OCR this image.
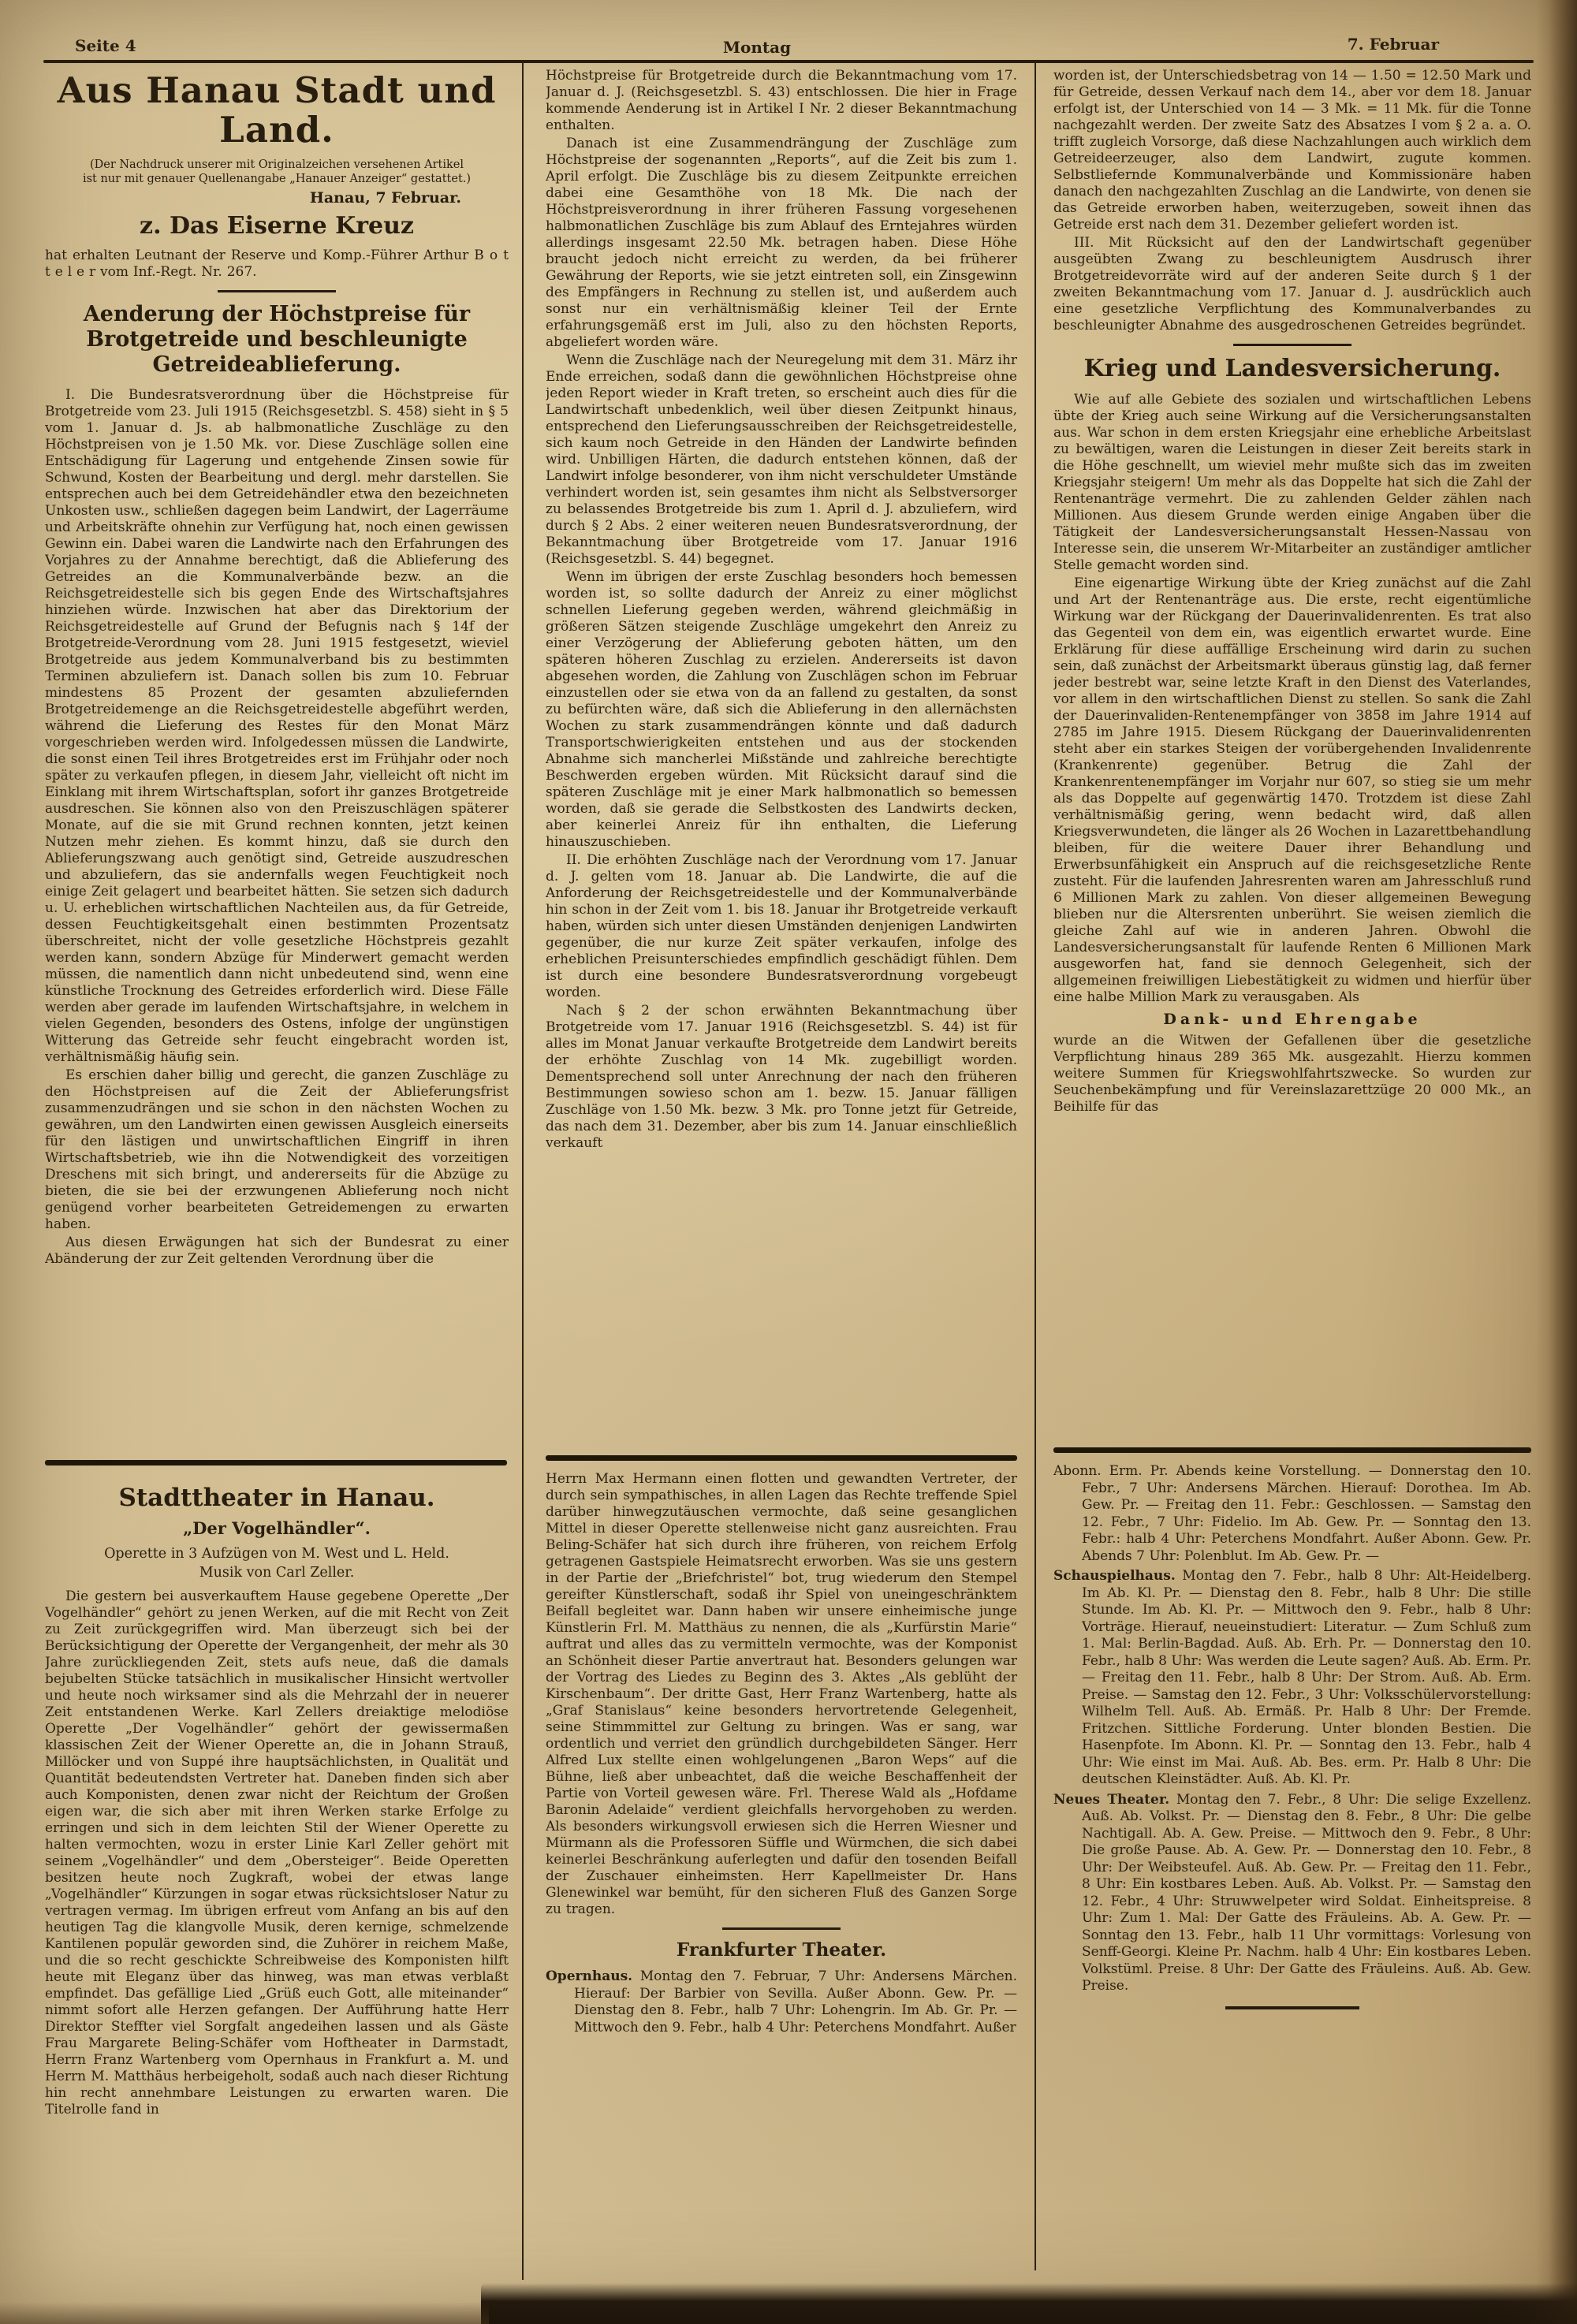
Seite 4	Montag	7. Februar
Aus Hanau Stadt und Land.

(Der Nachdruck unserer mit Originalzeichen versehenen Artikel
ist nur mit genauer Quellenangabe „Hanauer Anzeiger“ gestattet.)

Hanau, 7 Februar.

z. Das Eiserne Kreuz

hat erhalten Leutnant der Reserve und Komp.-Führer Arthur B o t t e l e r vom Inf.-Regt. Nr. 267.

Aenderung der Höchstpreise für Brotgetreide und beschleunigte Getreideablieferung.

I. Die Bundesratsverordnung über die Höchstpreise für Brotgetreide vom 23. Juli 1915 (Reichsgesetzbl. S. 458) sieht in § 5 vom 1. Januar d. Js. ab halbmonatliche Zuschläge zu den Höchstpreisen von je 1.50 Mk. vor. Diese Zuschläge sollen eine Entschädigung für Lagerung und entgehende Zinsen sowie für Schwund, Kosten der Bearbeitung und dergl. mehr darstellen. Sie entsprechen auch bei dem Getreidehändler etwa den bezeichneten Unkosten usw., schließen dagegen beim Landwirt, der Lagerräume und Arbeitskräfte ohnehin zur Verfügung hat, noch einen gewissen Gewinn ein. Dabei waren die Landwirte nach den Erfahrungen des Vorjahres zu der Annahme berechtigt, daß die Ablieferung des Getreides an die Kommunalverbände bezw. an die Reichsgetreidestelle sich bis gegen Ende des Wirtschaftsjahres hinziehen würde. Inzwischen hat aber das Direktorium der Reichsgetreidestelle auf Grund der Befugnis nach § 14f der Brotgetreide-Verordnung vom 28. Juni 1915 festgesetzt, wieviel Brotgetreide aus jedem Kommunalverband bis zu bestimmten Terminen abzuliefern ist. Danach sollen bis zum 10. Februar mindestens 85 Prozent der gesamten abzuliefernden Brotgetreidemenge an die Reichsgetreidestelle abgeführt werden, während die Lieferung des Restes für den Monat März vorgeschrieben werden wird. Infolgedessen müssen die Landwirte, die sonst einen Teil ihres Brotgetreides erst im Frühjahr oder noch später zu verkaufen pflegen, in diesem Jahr, vielleicht oft nicht im Einklang mit ihrem Wirtschaftsplan, sofort ihr ganzes Brotgetreide ausdreschen. Sie können also von den Preiszuschlägen späterer Monate, auf die sie mit Grund rechnen konnten, jetzt keinen Nutzen mehr ziehen. Es kommt hinzu, daß sie durch den Ablieferungszwang auch genötigt sind, Getreide auszudreschen und abzuliefern, das sie andernfalls wegen Feuchtigkeit noch einige Zeit gelagert und bearbeitet hätten. Sie setzen sich dadurch u. U. erheblichen wirtschaftlichen Nachteilen aus, da für Getreide, dessen Feuchtigkeitsgehalt einen bestimmten Prozentsatz überschreitet, nicht der volle gesetzliche Höchstpreis gezahlt werden kann, sondern Abzüge für Minderwert gemacht werden müssen, die namentlich dann nicht unbedeutend sind, wenn eine künstliche Trocknung des Getreides erforderlich wird. Diese Fälle werden aber gerade im laufenden Wirtschaftsjahre, in welchem in vielen Gegenden, besonders des Ostens, infolge der ungünstigen Witterung das Getreide sehr feucht eingebracht worden ist, verhältnismäßig häufig sein.

Es erschien daher billig und gerecht, die ganzen Zuschläge zu den Höchstpreisen auf die Zeit der Ablieferungsfrist zusammenzudrängen und sie schon in den nächsten Wochen zu gewähren, um den Landwirten einen gewissen Ausgleich einerseits für den lästigen und unwirtschaftlichen Eingriff in ihren Wirtschaftsbetrieb, wie ihn die Notwendigkeit des vorzeitigen Dreschens mit sich bringt, und andererseits für die Abzüge zu bieten, die sie bei der erzwungenen Ablieferung noch nicht genügend vorher bearbeiteten Getreidemengen zu erwarten haben.

Aus diesen Erwägungen hat sich der Bundesrat zu einer Abänderung der zur Zeit geltenden Verordnung über die

Höchstpreise für Brotgetreide durch die Bekanntmachung vom 17. Januar d. J. (Reichsgesetzbl. S. 43) entschlossen. Die hier in Frage kommende Aenderung ist in Artikel I Nr. 2 dieser Bekanntmachung enthalten.

Danach ist eine Zusammendrängung der Zuschläge zum Höchstpreise der sogenannten „Reports“, auf die Zeit bis zum 1. April erfolgt. Die Zuschläge bis zu diesem Zeitpunkte erreichen dabei eine Gesamthöhe von 18 Mk. Die nach der Höchstpreisverordnung in ihrer früheren Fassung vorgesehenen halbmonatlichen Zuschläge bis zum Ablauf des Erntejahres würden allerdings insgesamt 22.50 Mk. betragen haben. Diese Höhe braucht jedoch nicht erreicht zu werden, da bei früherer Gewährung der Reports, wie sie jetzt eintreten soll, ein Zinsgewinn des Empfängers in Rechnung zu stellen ist, und außerdem auch sonst nur ein verhältnismäßig kleiner Teil der Ernte erfahrungsgemäß erst im Juli, also zu den höchsten Reports, abgeliefert worden wäre.

Wenn die Zuschläge nach der Neuregelung mit dem 31. März ihr Ende erreichen, sodaß dann die gewöhnlichen Höchstpreise ohne jeden Report wieder in Kraft treten, so erscheint auch dies für die Landwirtschaft unbedenklich, weil über diesen Zeitpunkt hinaus, entsprechend den Lieferungsausschreiben der Reichsgetreidestelle, sich kaum noch Getreide in den Händen der Landwirte befinden wird. Unbilligen Härten, die dadurch entstehen können, daß der Landwirt infolge besonderer, von ihm nicht verschuldeter Umstände verhindert worden ist, sein gesamtes ihm nicht als Selbstversorger zu belassendes Brotgetreide bis zum 1. April d. J. abzuliefern, wird durch § 2 Abs. 2 einer weiteren neuen Bundesratsverordnung, der Bekanntmachung über Brotgetreide vom 17. Januar 1916 (Reichsgesetzbl. S. 44) begegnet.

Wenn im übrigen der erste Zuschlag besonders hoch bemessen worden ist, so sollte dadurch der Anreiz zu einer möglichst schnellen Lieferung gegeben werden, während gleichmäßig in größeren Sätzen steigende Zuschläge umgekehrt den Anreiz zu einer Verzögerung der Ablieferung geboten hätten, um den späteren höheren Zuschlag zu erzielen. Andererseits ist davon abgesehen worden, die Zahlung von Zuschlägen schon im Februar einzustellen oder sie etwa von da an fallend zu gestalten, da sonst zu befürchten wäre, daß sich die Ablieferung in den allernächsten Wochen zu stark zusammendrängen könnte und daß dadurch Transportschwierigkeiten entstehen und aus der stockenden Abnahme sich mancherlei Mißstände und zahlreiche berechtigte Beschwerden ergeben würden. Mit Rücksicht darauf sind die späteren Zuschläge mit je einer Mark halbmonatlich so bemessen worden, daß sie gerade die Selbstkosten des Landwirts decken, aber keinerlei Anreiz für ihn enthalten, die Lieferung hinauszuschieben.

II. Die erhöhten Zuschläge nach der Verordnung vom 17. Januar d. J. gelten vom 18. Januar ab. Die Landwirte, die auf die Anforderung der Reichsgetreidestelle und der Kommunalverbände hin schon in der Zeit vom 1. bis 18. Januar ihr Brotgetreide verkauft haben, würden sich unter diesen Umständen denjenigen Landwirten gegenüber, die nur kurze Zeit später verkaufen, infolge des erheblichen Preisunterschiedes empfindlich geschädigt fühlen. Dem ist durch eine besondere Bundesratsverordnung vorgebeugt worden.

Nach § 2 der schon erwähnten Bekanntmachung über Brotgetreide vom 17. Januar 1916 (Reichsgesetzbl. S. 44) ist für alles im Monat Januar verkaufte Brotgetreide dem Landwirt bereits der erhöhte Zuschlag von 14 Mk. zugebilligt worden. Dementsprechend soll unter Anrechnung der nach den früheren Bestimmungen sowieso schon am 1. bezw. 15. Januar fälligen Zuschläge von 1.50 Mk. bezw. 3 Mk. pro Tonne jetzt für Getreide, das nach dem 31. Dezember, aber bis zum 14. Januar einschließlich verkauft

worden ist, der Unterschiedsbetrag von 14 — 1.50 = 12.50 Mark und für Getreide, dessen Verkauf nach dem 14., aber vor dem 18. Januar erfolgt ist, der Unterschied von 14 — 3 Mk. = 11 Mk. für die Tonne nachgezahlt werden. Der zweite Satz des Absatzes I vom § 2 a. a. O. trifft zugleich Vorsorge, daß diese Nachzahlungen auch wirklich dem Getreideerzeuger, also dem Landwirt, zugute kommen. Selbstliefernde Kommunalverbände und Kommissionäre haben danach den nachgezahlten Zuschlag an die Landwirte, von denen sie das Getreide erworben haben, weiterzugeben, soweit ihnen das Getreide erst nach dem 31. Dezember geliefert worden ist.

III. Mit Rücksicht auf den der Landwirtschaft gegenüber ausgeübten Zwang zu beschleunigtem Ausdrusch ihrer Brotgetreidevorräte wird auf der anderen Seite durch § 1 der zweiten Bekanntmachung vom 17. Januar d. J. ausdrücklich auch eine gesetzliche Verpflichtung des Kommunalverbandes zu beschleunigter Abnahme des ausgedroschenen Getreides begründet.

Krieg und Landesversicherung.

Wie auf alle Gebiete des sozialen und wirtschaftlichen Lebens übte der Krieg auch seine Wirkung auf die Versicherungsanstalten aus. War schon in dem ersten Kriegsjahr eine erhebliche Arbeitslast zu bewältigen, waren die Leistungen in dieser Zeit bereits stark in die Höhe geschnellt, um wieviel mehr mußte sich das im zweiten Kriegsjahr steigern! Um mehr als das Doppelte hat sich die Zahl der Rentenanträge vermehrt. Die zu zahlenden Gelder zählen nach Millionen. Aus diesem Grunde werden einige Angaben über die Tätigkeit der Landesversicherungsanstalt Hessen-Nassau von Interesse sein, die unserem Wr-Mitarbeiter an zuständiger amtlicher Stelle gemacht worden sind.

Eine eigenartige Wirkung übte der Krieg zunächst auf die Zahl und Art der Rentenanträge aus. Die erste, recht eigentümliche Wirkung war der Rückgang der Dauerinvalidenrenten. Es trat also das Gegenteil von dem ein, was eigentlich erwartet wurde. Eine Erklärung für diese auffällige Erscheinung wird darin zu suchen sein, daß zunächst der Arbeitsmarkt überaus günstig lag, daß ferner jeder bestrebt war, seine letzte Kraft in den Dienst des Vaterlandes, vor allem in den wirtschaftlichen Dienst zu stellen. So sank die Zahl der Dauerinvaliden-Rentenempfänger von 3858 im Jahre 1914 auf 2785 im Jahre 1915. Diesem Rückgang der Dauerinvalidenrenten steht aber ein starkes Steigen der vorübergehenden Invalidenrente (Krankenrente) gegenüber. Betrug die Zahl der Krankenrentenempfänger im Vorjahr nur 607, so stieg sie um mehr als das Doppelte auf gegenwärtig 1470. Trotzdem ist diese Zahl verhältnismäßig gering, wenn bedacht wird, daß allen Kriegsverwundeten, die länger als 26 Wochen in Lazarettbehandlung bleiben, für die weitere Dauer ihrer Behandlung und Erwerbsunfähigkeit ein Anspruch auf die reichsgesetzliche Rente zusteht. Für die laufenden Jahresrenten waren am Jahresschluß rund 6 Millionen Mark zu zahlen. Von dieser allgemeinen Bewegung blieben nur die Altersrenten unberührt. Sie weisen ziemlich die gleiche Zahl auf wie in anderen Jahren. Obwohl die Landesversicherungsanstalt für laufende Renten 6 Millionen Mark ausgeworfen hat, fand sie dennoch Gelegenheit, sich der allgemeinen freiwilligen Liebestätigkeit zu widmen und hierfür über eine halbe Million Mark zu verausgaben. Als

Dank- und Ehrengabe

wurde an die Witwen der Gefallenen über die gesetzliche Verpflichtung hinaus 289 365 Mk. ausgezahlt. Hierzu kommen weitere Summen für Kriegswohlfahrtszwecke. So wurden zur Seuchenbekämpfung und für Vereinslazarettzüge 20 000 Mk., an Beihilfe für das

Stadttheater in Hanau.

„Der Vogelhändler“.

Operette in 3 Aufzügen von M. West und L. Held.

Musik von Carl Zeller.

Die gestern bei ausverkauftem Hause gegebene Operette „Der Vogelhändler“ gehört zu jenen Werken, auf die mit Recht von Zeit zu Zeit zurückgegriffen wird. Man überzeugt sich bei der Berücksichtigung der Operette der Vergangenheit, der mehr als 30 Jahre zurückliegenden Zeit, stets aufs neue, daß die damals bejubelten Stücke tatsächlich in musikalischer Hinsicht wertvoller und heute noch wirksamer sind als die Mehrzahl der in neuerer Zeit entstandenen Werke. Karl Zellers dreiaktige melodiöse Operette „Der Vogelhändler“ gehört der gewissermaßen klassischen Zeit der Wiener Operette an, die in Johann Strauß, Millöcker und von Suppé ihre hauptsächlichsten, in Qualität und Quantität bedeutendsten Vertreter hat. Daneben finden sich aber auch Komponisten, denen zwar nicht der Reichtum der Großen eigen war, die sich aber mit ihren Werken starke Erfolge zu erringen und sich in dem leichten Stil der Wiener Operette zu halten vermochten, wozu in erster Linie Karl Zeller gehört mit seinem „Vogelhändler“ und dem „Obersteiger“. Beide Operetten besitzen heute noch Zugkraft, wobei der etwas lange „Vogelhändler“ Kürzungen in sogar etwas rücksichtsloser Natur zu vertragen vermag. Im übrigen erfreut vom Anfang an bis auf den heutigen Tag die klangvolle Musik, deren kernige, schmelzende Kantilenen populär geworden sind, die Zuhörer in reichem Maße, und die so recht geschickte Schreibweise des Komponisten hilft heute mit Eleganz über das hinweg, was man etwas verblaßt empfindet. Das gefällige Lied „Grüß euch Gott, alle miteinander“ nimmt sofort alle Herzen gefangen. Der Aufführung hatte Herr Direktor Steffter viel Sorgfalt angedeihen lassen und als Gäste Frau Margarete Beling-Schäfer vom Hoftheater in Darmstadt, Herrn Franz Wartenberg vom Opernhaus in Frankfurt a. M. und Herrn M. Matthäus herbeigeholt, sodaß auch nach dieser Richtung hin recht annehmbare Leistungen zu erwarten waren. Die Titelrolle fand in

Herrn Max Hermann einen flotten und gewandten Vertreter, der durch sein sympathisches, in allen Lagen das Rechte treffende Spiel darüber hinwegzutäuschen vermochte, daß seine gesanglichen Mittel in dieser Operette stellenweise nicht ganz ausreichten. Frau Beling-Schäfer hat sich durch ihre früheren, von reichem Erfolg getragenen Gastspiele Heimatsrecht erworben. Was sie uns gestern in der Partie der „Briefchristel“ bot, trug wiederum den Stempel gereifter Künstlerschaft, sodaß ihr Spiel von uneingeschränktem Beifall begleitet war. Dann haben wir unsere einheimische junge Künstlerin Frl. M. Matthäus zu nennen, die als „Kurfürstin Marie“ auftrat und alles das zu vermitteln vermochte, was der Komponist an Schönheit dieser Partie anvertraut hat. Besonders gelungen war der Vortrag des Liedes zu Beginn des 3. Aktes „Als geblüht der Kirschenbaum“. Der dritte Gast, Herr Franz Wartenberg, hatte als „Graf Stanislaus“ keine besonders hervortretende Gelegenheit, seine Stimmmittel zur Geltung zu bringen. Was er sang, war ordentlich und verriet den gründlich durchgebildeten Sänger. Herr Alfred Lux stellte einen wohlgelungenen „Baron Weps“ auf die Bühne, ließ aber unbeachtet, daß die weiche Beschaffenheit der Partie von Vorteil gewesen wäre. Frl. Therese Wald als „Hofdame Baronin Adelaide“ verdient gleichfalls hervorgehoben zu werden. Als besonders wirkungsvoll erwiesen sich die Herren Wiesner und Mürmann als die Professoren Süffle und Würmchen, die sich dabei keinerlei Beschränkung auferlegten und dafür den tosenden Beifall der Zuschauer einheimsten. Herr Kapellmeister Dr. Hans Glenewinkel war bemüht, für den sicheren Fluß des Ganzen Sorge zu tragen.

Frankfurter Theater.

Opernhaus. Montag den 7. Februar, 7 Uhr: Andersens Märchen. Hierauf: Der Barbier von Sevilla. Außer Abonn. Gew. Pr. — Dienstag den 8. Febr., halb 7 Uhr: Lohengrin. Im Ab. Gr. Pr. — Mittwoch den 9. Febr., halb 4 Uhr: Peterchens Mondfahrt. Außer

Abonn. Erm. Pr. Abends keine Vorstellung. — Donnerstag den 10. Febr., 7 Uhr: Andersens Märchen. Hierauf: Dorothea. Im Ab. Gew. Pr. — Freitag den 11. Febr.: Geschlossen. — Samstag den 12. Febr., 7 Uhr: Fidelio. Im Ab. Gew. Pr. — Sonntag den 13. Febr.: halb 4 Uhr: Peterchens Mondfahrt. Außer Abonn. Gew. Pr. Abends 7 Uhr: Polenblut. Im Ab. Gew. Pr. —

Schauspielhaus. Montag den 7. Febr., halb 8 Uhr: Alt-Heidelberg. Im Ab. Kl. Pr. — Dienstag den 8. Febr., halb 8 Uhr: Die stille Stunde. Im Ab. Kl. Pr. — Mittwoch den 9. Febr., halb 8 Uhr: Vorträge. Hierauf, neueinstudiert: Literatur. — Zum Schluß zum 1. Mal: Berlin-Bagdad. Auß. Ab. Erh. Pr. — Donnerstag den 10. Febr., halb 8 Uhr: Was werden die Leute sagen? Auß. Ab. Erm. Pr. — Freitag den 11. Febr., halb 8 Uhr: Der Strom. Auß. Ab. Erm. Preise. — Samstag den 12. Febr., 3 Uhr: Volksschülervorstellung: Wilhelm Tell. Auß. Ab. Ermäß. Pr. Halb 8 Uhr: Der Fremde. Fritzchen. Sittliche Forderung. Unter blonden Bestien. Die Hasenpfote. Im Abonn. Kl. Pr. — Sonntag den 13. Febr., halb 4 Uhr: Wie einst im Mai. Auß. Ab. Bes. erm. Pr. Halb 8 Uhr: Die deutschen Kleinstädter. Auß. Ab. Kl. Pr.

Neues Theater. Montag den 7. Febr., 8 Uhr: Die selige Exzellenz. Auß. Ab. Volkst. Pr. — Dienstag den 8. Febr., 8 Uhr: Die gelbe Nachtigall. Ab. A. Gew. Preise. — Mittwoch den 9. Febr., 8 Uhr: Die große Pause. Ab. A. Gew. Pr. — Donnerstag den 10. Febr., 8 Uhr: Der Weibsteufel. Auß. Ab. Gew. Pr. — Freitag den 11. Febr., 8 Uhr: Ein kostbares Leben. Auß. Ab. Volkst. Pr. — Samstag den 12. Febr., 4 Uhr: Struwwelpeter wird Soldat. Einheitspreise. 8 Uhr: Zum 1. Mal: Der Gatte des Fräuleins. Ab. A. Gew. Pr. — Sonntag den 13. Febr., halb 11 Uhr vormittags: Vorlesung von Senff-Georgi. Kleine Pr. Nachm. halb 4 Uhr: Ein kostbares Leben. Volkstüml. Preise. 8 Uhr: Der Gatte des Fräuleins. Auß. Ab. Gew. Preise.
